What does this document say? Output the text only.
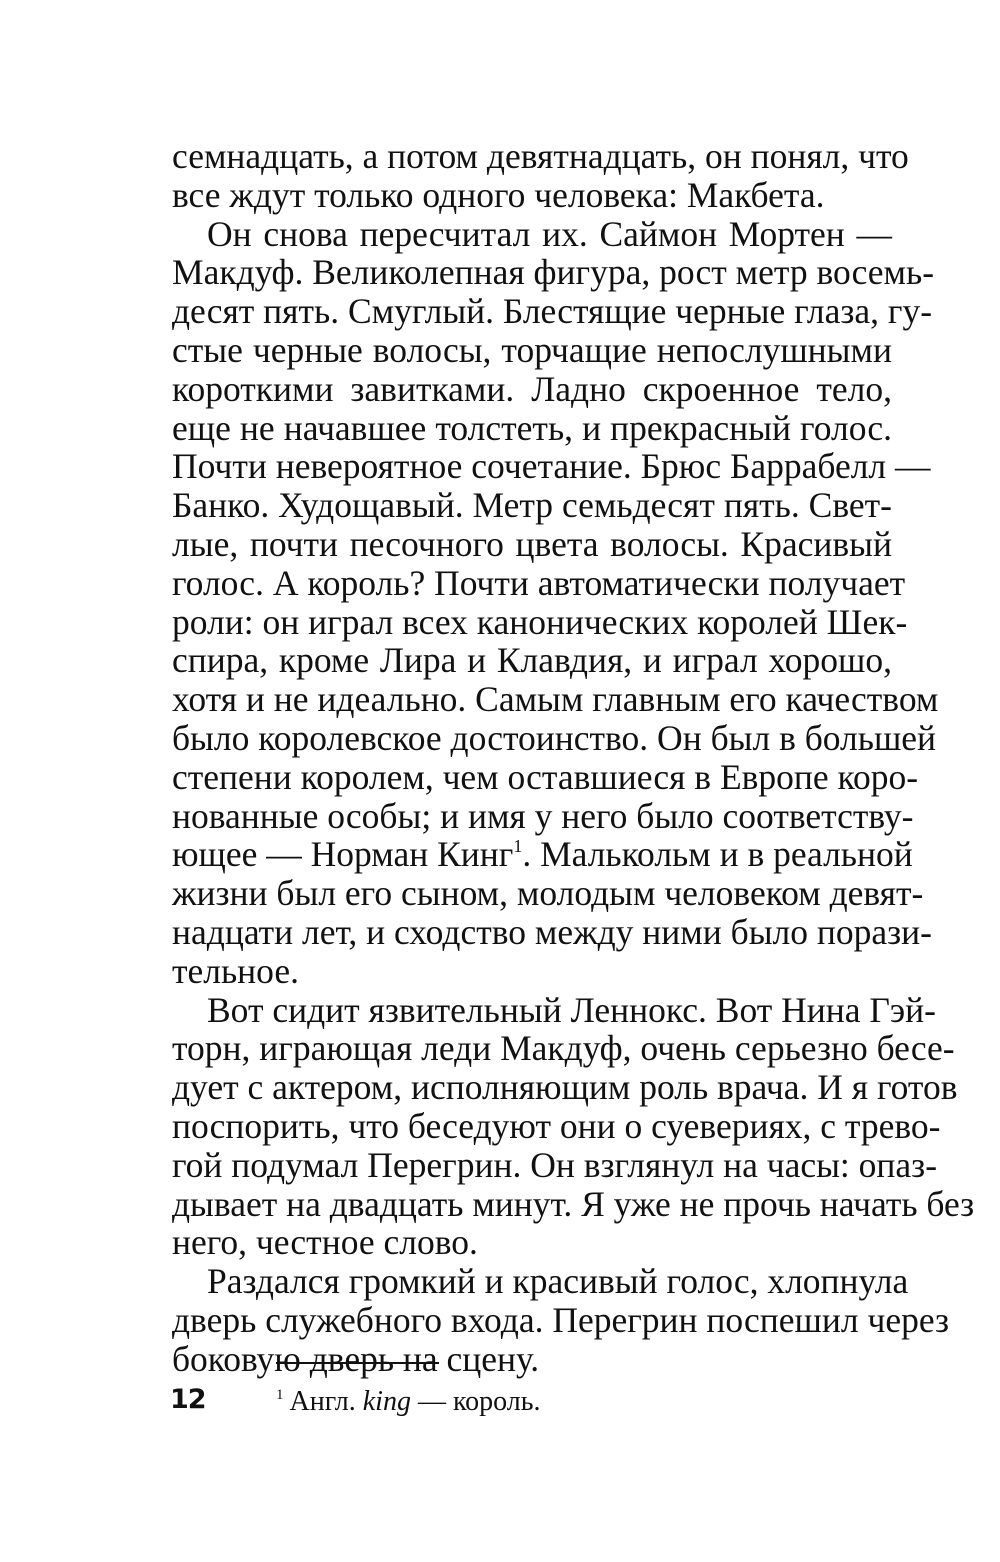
семнадцать, а потом девятнадцать, он понял, что
все ждут только одного человека: Макбета.
Он снова пересчитал их. Саймон Мортен —
Макдуф. Великолепная фигура, рост метр восемь-
десят пять. Смуглый. Блестящие черные глаза, гу-
стые черные волосы, торчащие непослушными
короткими завитками. Ладно скроенное тело,
еще не начавшее толстеть, и прекрасный голос.
Почти невероятное сочетание. Брюс Баррабелл —
Банко. Худощавый. Метр семьдесят пять. Свет-
лые, почти песочного цвета волосы. Красивый
голос. А король? Почти автоматически получает
роли: он играл всех канонических королей Шек-
спира, кроме Лира и Клавдия, и играл хорошо,
хотя и не идеально. Самым главным его качеством
было королевское достоинство. Он был в большей
степени королем, чем оставшиеся в Европе коро-
нованные особы; и имя у него было соответству-
ющее — Норман Кинг$^1$. Малькольм и в реальной
жизни был его сыном, молодым человеком девят-
надцати лет, и сходство между ними было порази-
тельное.
Вот сидит язвительный Леннокс. Вот Нина Гэй-
торн, играющая леди Макдуф, очень серьезно бесе-
дует с актером, исполняющим роль врача. И я готов
поспорить, что беседуют они о суевериях, с трево-
гой подумал Перегрин. Он взглянул на часы: опаз-
дывает на двадцать минут. Я уже не прочь начать без
него, честное слово.
Раздался громкий и красивый голос, хлопнула
дверь служебного входа. Перегрин поспешил через
боковую дверь на сцену.
12	$^1$ Англ. king — король.
